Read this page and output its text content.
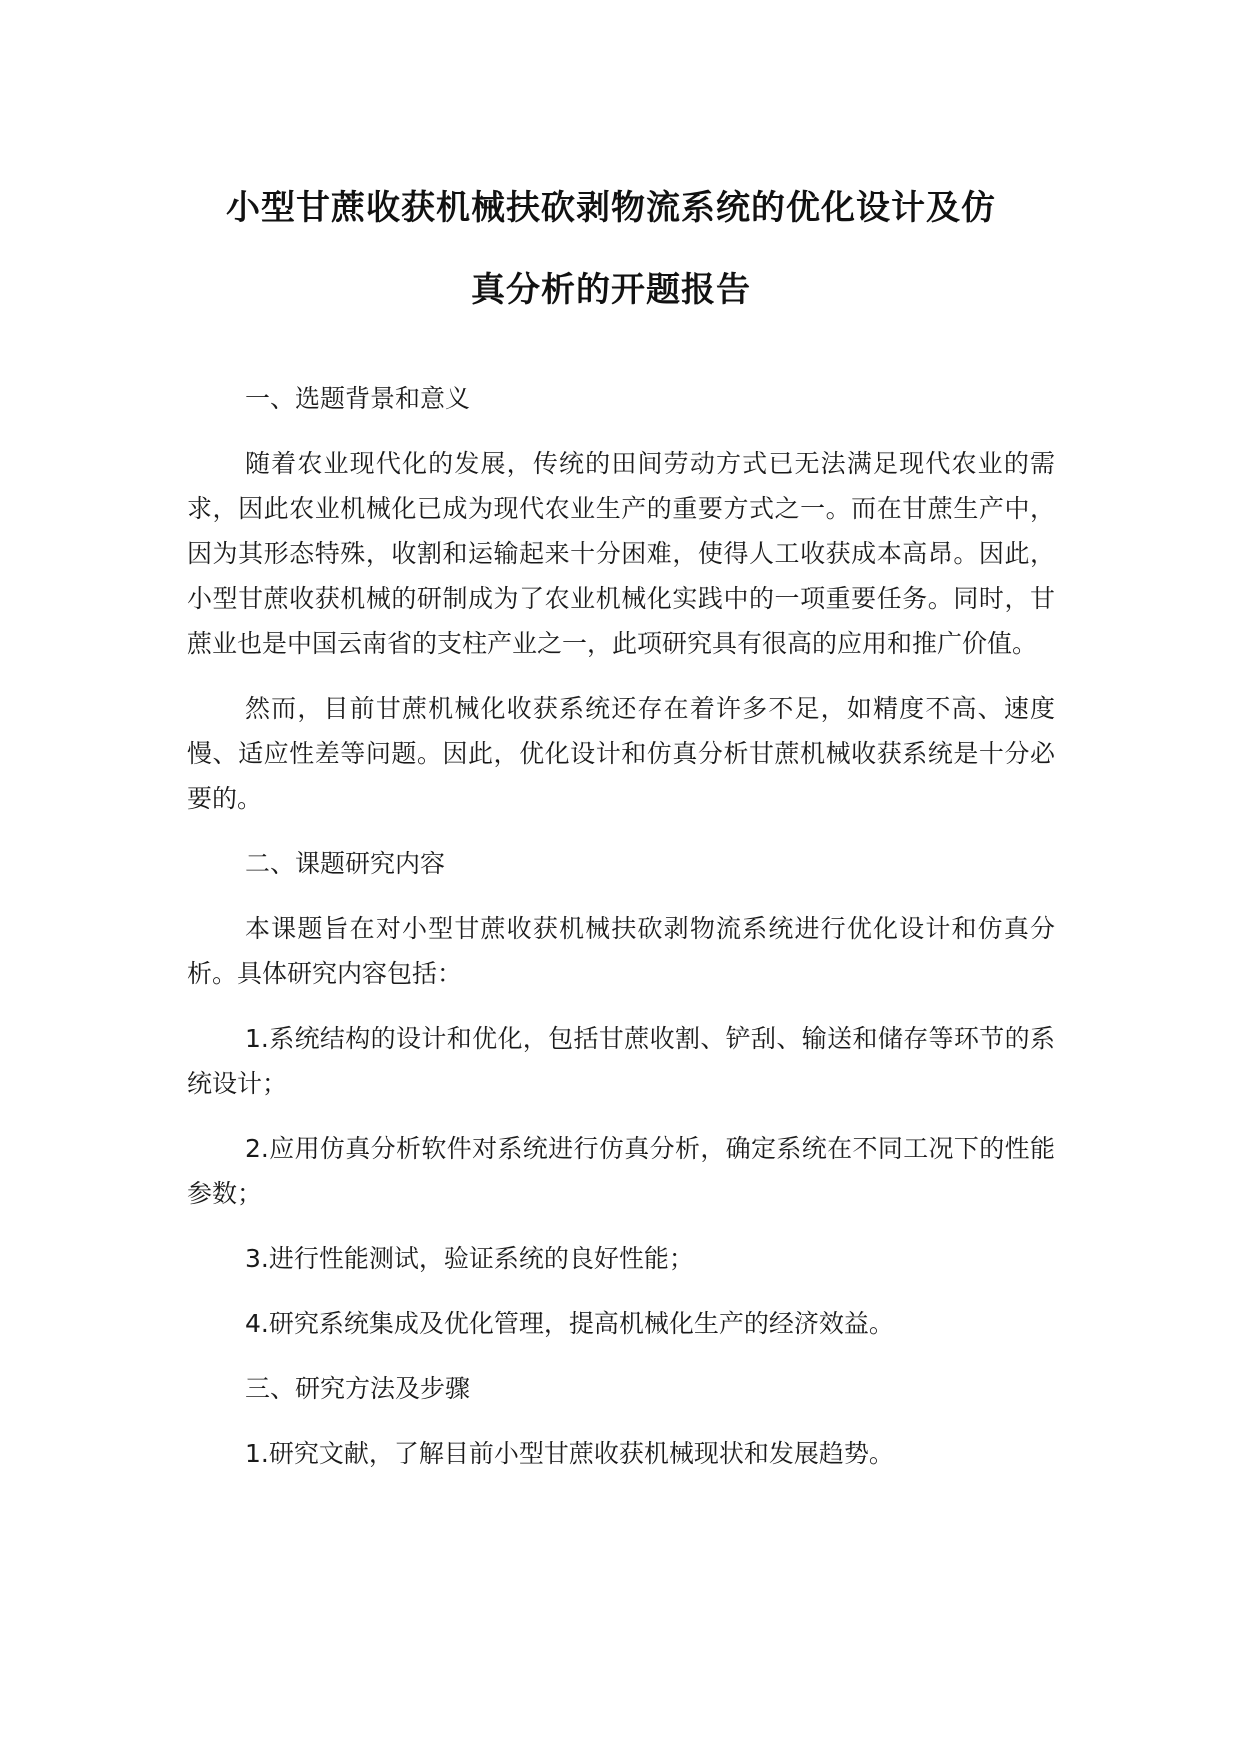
小型甘蔗收获机械扶砍剥物流系统的优化设计及仿
真分析的开题报告

一、选题背景和意义

随着农业现代化的发展，传统的田间劳动方式已无法满足现代农业的需求，因此农业机械化已成为现代农业生产的重要方式之一。而在甘蔗生产中，因为其形态特殊，收割和运输起来十分困难，使得人工收获成本高昂。因此，小型甘蔗收获机械的研制成为了农业机械化实践中的一项重要任务。同时，甘蔗业也是中国云南省的支柱产业之一，此项研究具有很高的应用和推广价值。

然而，目前甘蔗机械化收获系统还存在着许多不足，如精度不高、速度慢、适应性差等问题。因此，优化设计和仿真分析甘蔗机械收获系统是十分必要的。

二、课题研究内容

本课题旨在对小型甘蔗收获机械扶砍剥物流系统进行优化设计和仿真分析。具体研究内容包括：

1.系统结构的设计和优化，包括甘蔗收割、铲刮、输送和储存等环节的系统设计；

2.应用仿真分析软件对系统进行仿真分析，确定系统在不同工况下的性能参数；

3.进行性能测试，验证系统的良好性能；

4.研究系统集成及优化管理，提高机械化生产的经济效益。

三、研究方法及步骤

1.研究文献，了解目前小型甘蔗收获机械现状和发展趋势。
